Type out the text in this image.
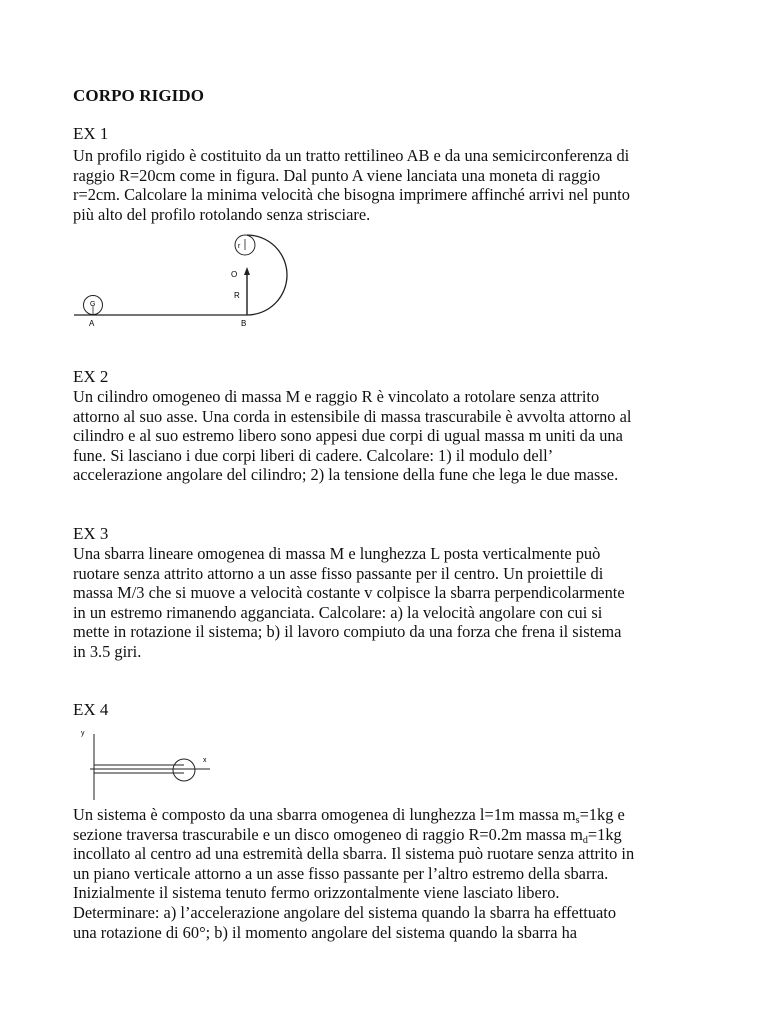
CORPO RIGIDO
EX 1
Un profilo rigido è costituito da un tratto rettilineo AB e da una semicirconferenza di
raggio R=20cm come in figura. Dal punto A viene lanciata una moneta di raggio
r=2cm. Calcolare la minima velocità che bisogna imprimere affinché arrivi nel punto
più alto del profilo rotolando senza strisciare.
G
r
A	B
R
O
EX 2
Un cilindro omogeneo di massa M e raggio R è vincolato a rotolare senza attrito
attorno al suo asse. Una corda in estensibile di massa trascurabile è avvolta attorno al
cilindro e al suo estremo libero sono appesi due corpi di ugual massa m uniti da una
fune. Si lasciano i due corpi liberi di cadere. Calcolare: 1) il modulo dell’
accelerazione angolare del cilindro; 2) la tensione della fune che lega le due masse.
EX 3
Una sbarra lineare omogenea di massa M e lunghezza L posta verticalmente può
ruotare senza attrito attorno a un asse fisso passante per il centro. Un proiettile di
massa M/3 che si muove a velocità costante v colpisce la sbarra perpendicolarmente
in un estremo rimanendo agganciata. Calcolare: a) la velocità angolare con cui si
mette in rotazione il sistema; b) il lavoro compiuto da una forza che frena il sistema
in 3.5 giri.
EX 4
y
x
Un sistema è composto da una sbarra omogenea di lunghezza l=1m massa $m_s=1kg$ e
sezione traversa trascurabile e un disco omogeneo di raggio R=0.2m massa $m_d=1kg$
incollato al centro ad una estremità della sbarra. Il sistema può ruotare senza attrito in
un piano verticale attorno a un asse fisso passante per l’altro estremo della sbarra.
Inizialmente il sistema tenuto fermo orizzontalmente viene lasciato libero.
Determinare: a) l’accelerazione angolare del sistema quando la sbarra ha effettuato
una rotazione di 60°; b) il momento angolare del sistema quando la sbarra ha
